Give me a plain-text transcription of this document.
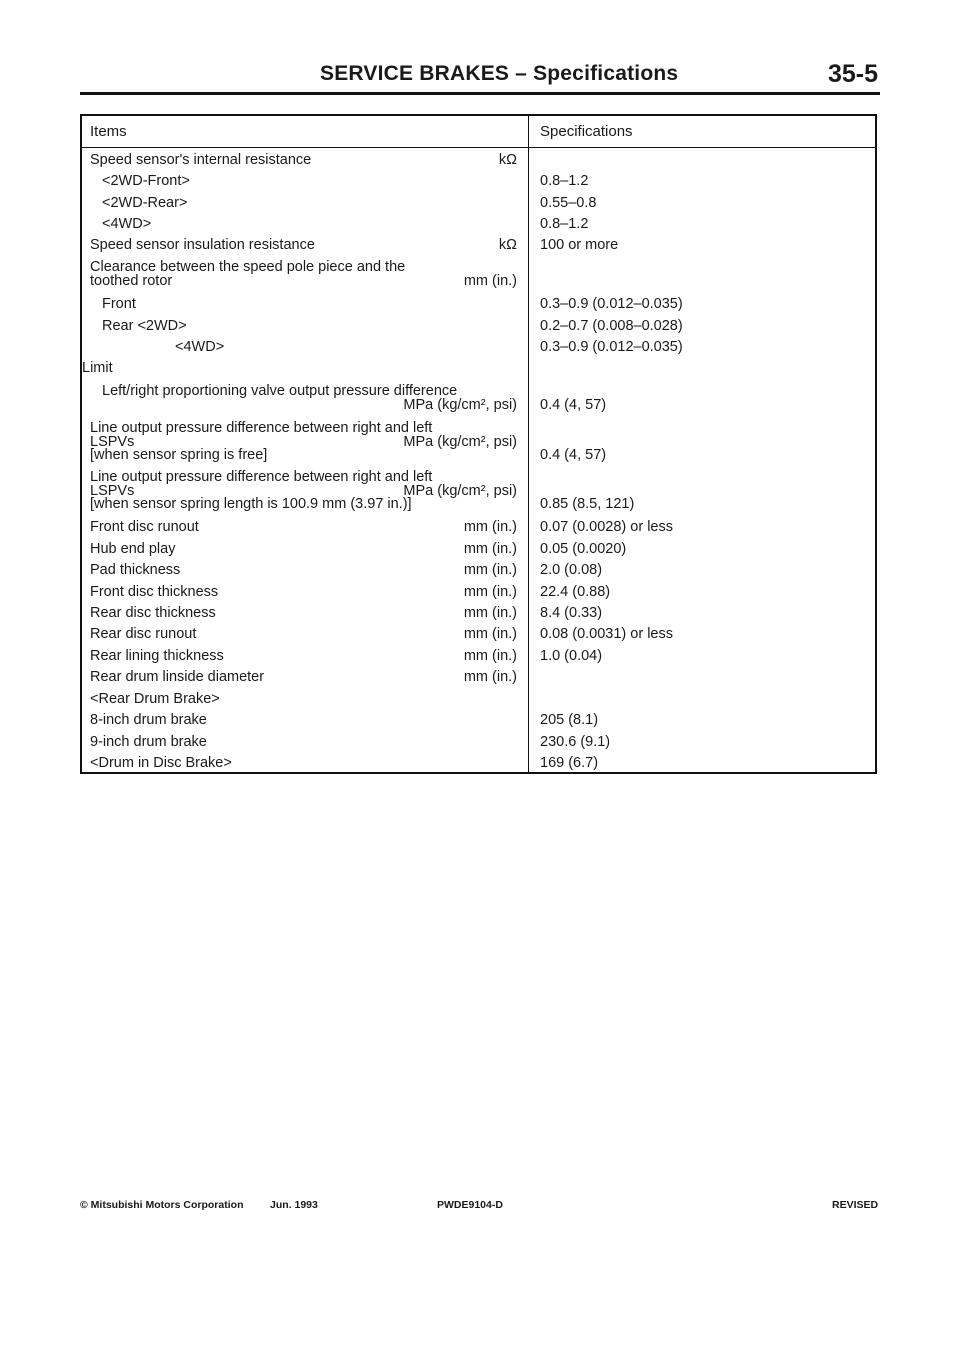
SERVICE BRAKES – Specifications	35-5
Items	Specifications
Speed sensor's internal resistance	kΩ
<2WD-Front>	0.8–1.2
<2WD-Rear>	0.55–0.8
<4WD>	0.8–1.2
Speed sensor insulation resistance	kΩ 100 or more
Clearance between the speed pole piece and the
toothed rotor	mm (in.)
Front	0.3–0.9 (0.012–0.035)
Rear <2WD>	0.2–0.7 (0.008–0.028)
<4WD>	0.3–0.9 (0.012–0.035)
Limit
Left/right proportioning valve output pressure difference
MPa (kg/cm², psi) 0.4 (4, 57)
Line output pressure difference between right and left
LSPVs	MPa (kg/cm², psi)
[when sensor spring is free]	0.4 (4, 57)
Line output pressure difference between right and left
LSPVs	MPa (kg/cm², psi)
[when sensor spring length is 100.9 mm (3.97 in.)]	0.85 (8.5, 121)
Front disc runout	mm (in.) 0.07 (0.0028) or less
Hub end play	mm (in.) 0.05 (0.0020)
Pad thickness	mm (in.) 2.0 (0.08)
Front disc thickness	mm (in.) 22.4 (0.88)
Rear disc thickness	mm (in.) 8.4 (0.33)
Rear disc runout	mm (in.) 0.08 (0.0031) or less
Rear lining thickness	mm (in.) 1.0 (0.04)
Rear drum linside diameter	mm (in.)
<Rear Drum Brake>
8-inch drum brake	205 (8.1)
9-inch drum brake	230.6 (9.1)
<Drum in Disc Brake>	169 (6.7)
© Mitsubishi Motors Corporation	Jun. 1993	PWDE9104-D	REVISED
